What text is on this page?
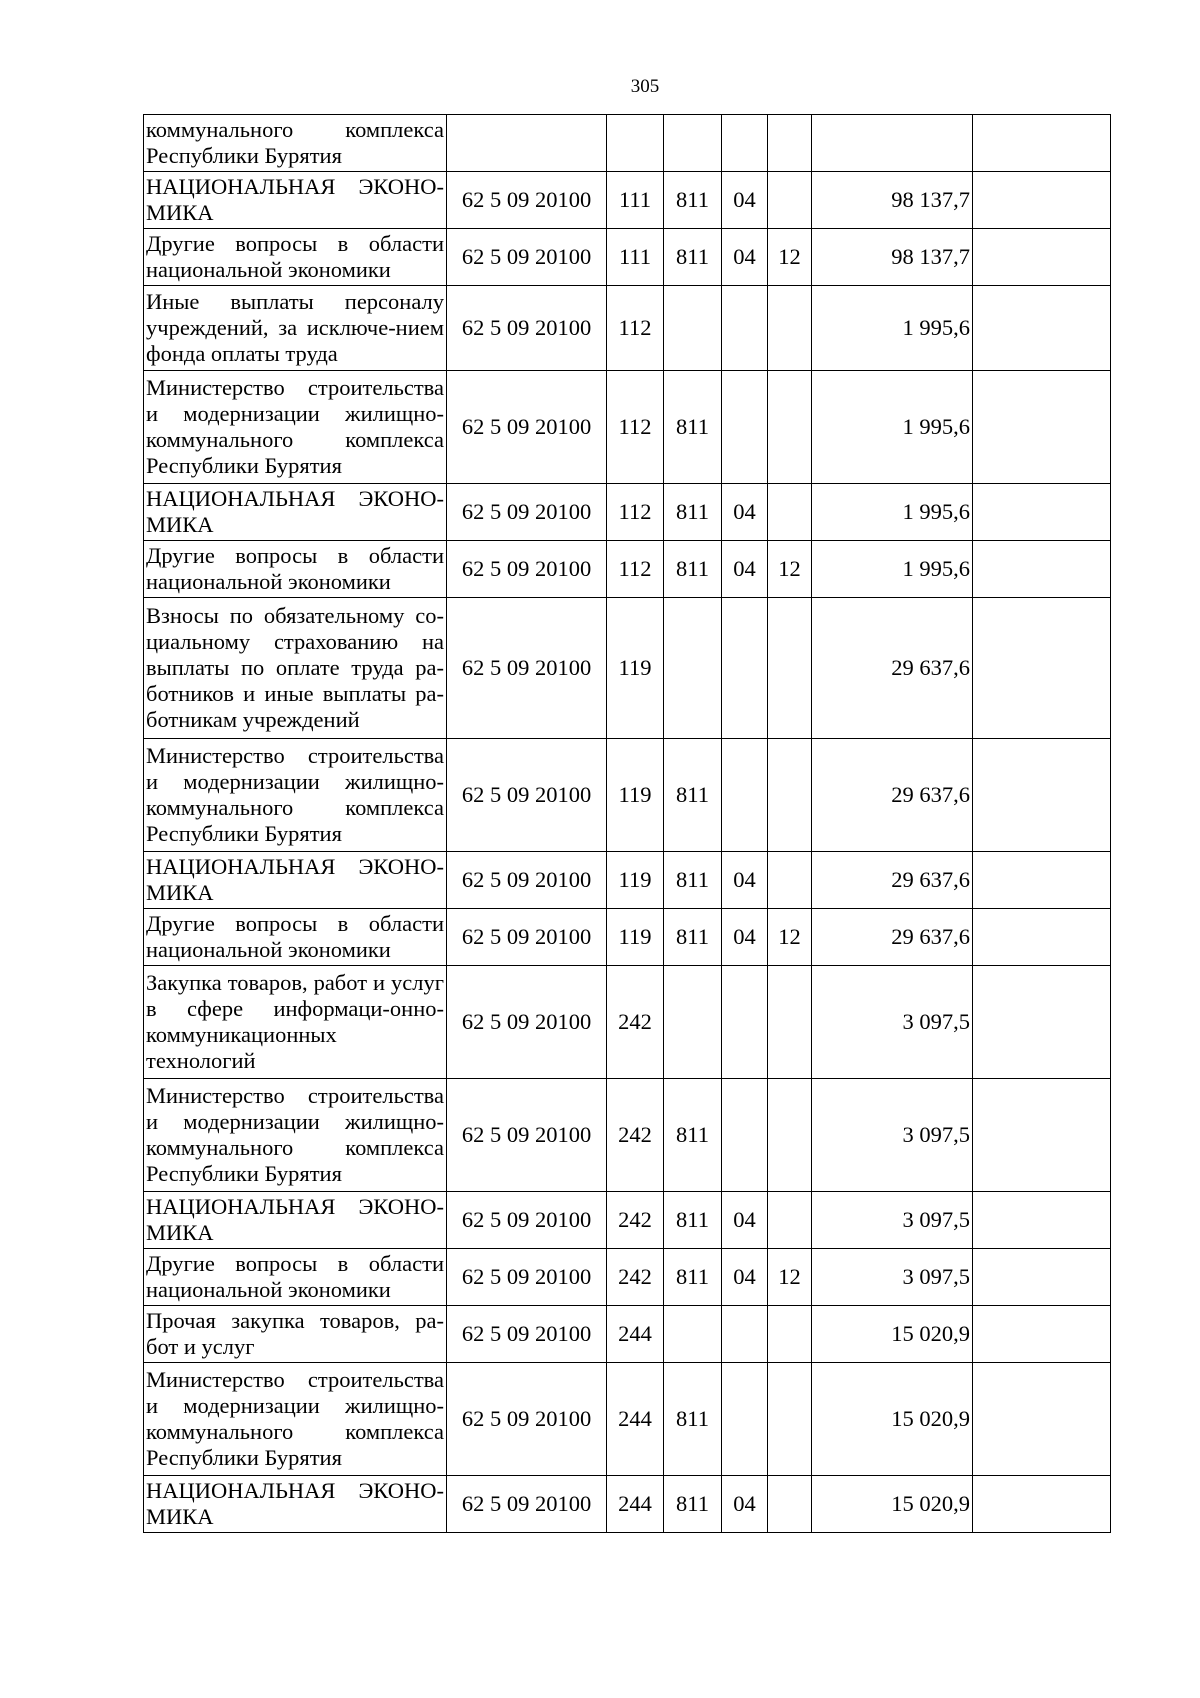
305
коммунального комплекса Республики Бурятия							
НАЦИОНАЛЬНАЯ ЭКОНО-МИКА	62 5 09 20100	111	811	04		98 137,7	
Другие вопросы в области национальной экономики	62 5 09 20100	111	811	04	12	98 137,7	
Иные выплаты персоналу учреждений, за исключе-нием фонда оплаты труда	62 5 09 20100	112				1 995,6	
Министерство строительства и модернизации жилищно-коммунального комплекса Республики Бурятия	62 5 09 20100	112	811			1 995,6	
НАЦИОНАЛЬНАЯ ЭКОНО-МИКА	62 5 09 20100	112	811	04		1 995,6	
Другие вопросы в области национальной экономики	62 5 09 20100	112	811	04	12	1 995,6	
Взносы по обязательному со-циальному страхованию на выплаты по оплате труда ра-ботников и иные выплаты ра-ботникам учреждений	62 5 09 20100	119				29 637,6	
Министерство строительства и модернизации жилищно-коммунального комплекса Республики Бурятия	62 5 09 20100	119	811			29 637,6	
НАЦИОНАЛЬНАЯ ЭКОНО-МИКА	62 5 09 20100	119	811	04		29 637,6	
Другие вопросы в области национальной экономики	62 5 09 20100	119	811	04	12	29 637,6	
Закупка товаров, работ и услуг в сфере информаци-онно-коммуникационных технологий	62 5 09 20100	242				3 097,5	
Министерство строительства и модернизации жилищно-коммунального комплекса Республики Бурятия	62 5 09 20100	242	811			3 097,5	
НАЦИОНАЛЬНАЯ ЭКОНО-МИКА	62 5 09 20100	242	811	04		3 097,5	
Другие вопросы в области национальной экономики	62 5 09 20100	242	811	04	12	3 097,5	
Прочая закупка товаров, ра-бот и услуг	62 5 09 20100	244				15 020,9	
Министерство строительства и модернизации жилищно-коммунального комплекса Республики Бурятия	62 5 09 20100	244	811			15 020,9	
НАЦИОНАЛЬНАЯ ЭКОНО-МИКА	62 5 09 20100	244	811	04		15 020,9	
